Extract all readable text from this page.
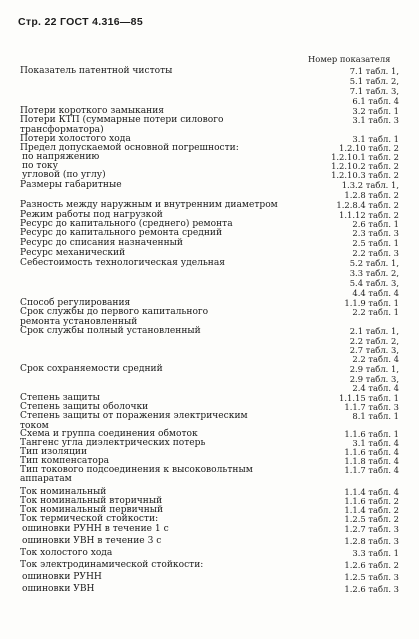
Стр. 22 ГОСТ 4.316—85
Номер показателя
Показатель патентной чистоты	7.1 табл. 1,
5.1 табл. 2,
7.1 табл. 3,
6.1 табл. 4
Потери короткого замыкания	3.2 табл. 1
Потери КТП (суммарные потери силового	3.1 табл. 3
трансформатора)
Потери холостого хода	3.1 табл. 1
Предел допускаемой основной погрешности:	1.2.10 табл. 2
по напряжению	1.2.10.1 табл. 2
по току	1.2.10.2 табл. 2
угловой (по углу)	1.2.10.3 табл. 2
Размеры габаритные	1.3.2 табл. 1,
1.2.8 табл. 2
Разность между наружным и внутренним диаметром	1.2.8.4 табл. 2
Режим работы под нагрузкой	1.1.12 табл. 2
Ресурс до капитального (среднего) ремонта	2.6 табл. 1
Ресурс до капитального ремонта средний	2.3 табл. 3
Ресурс до списания назначенный	2.5 табл. 1
Ресурс механический	2.2 табл. 3
Себестоимость технологическая удельная	5.2 табл. 1,
3.3 табл. 2,
5.4 табл. 3,
4.4 табл. 4
Способ регулирования	1.1.9 табл. 1
Срок службы до первого капитального	2.2 табл. 1
ремонта установленный
Срок службы полный установленный	2.1 табл. 1,
2.2 табл. 2,
2.7 табл. 3,
2.2 табл. 4
Срок сохраняемости средний	2.9 табл. 1,
2.9 табл. 3,
2.4 табл. 4
Степень защиты	1.1.15 табл. 1
Степень защиты оболочки	1.1.7 табл. 3
Степень защиты от поражения электрическим	8.1 табл. 1
током
Схема и группа соединения обмоток	1.1.6 табл. 1
Тангенс угла диэлектрических потерь	3.1 табл. 4
Тип изоляции	1.1.6 табл. 4
Тип компенсатора	1.1.8 табл. 4
Тип токового подсоединения к высоковольтным	1.1.7 табл. 4
аппаратам
Ток номинальный	1.1.4 табл. 4
Ток номинальный вторичный	1.1.6 табл. 2
Ток номинальный первичный	1.1.4 табл. 2
Ток термической стойкости:	1.2.5 табл. 2
ошиновки РУНН в течение 1 с	1.2.7 табл. 3
ошиновки УВН в течение 3 с	1.2.8 табл. 3
Ток холостого хода	3.3 табл. 1
Ток электродинамической стойкости:	1.2.6 табл. 2
ошиновки РУНН	1.2.5 табл. 3
ошиновки УВН	1.2.6 табл. 3
